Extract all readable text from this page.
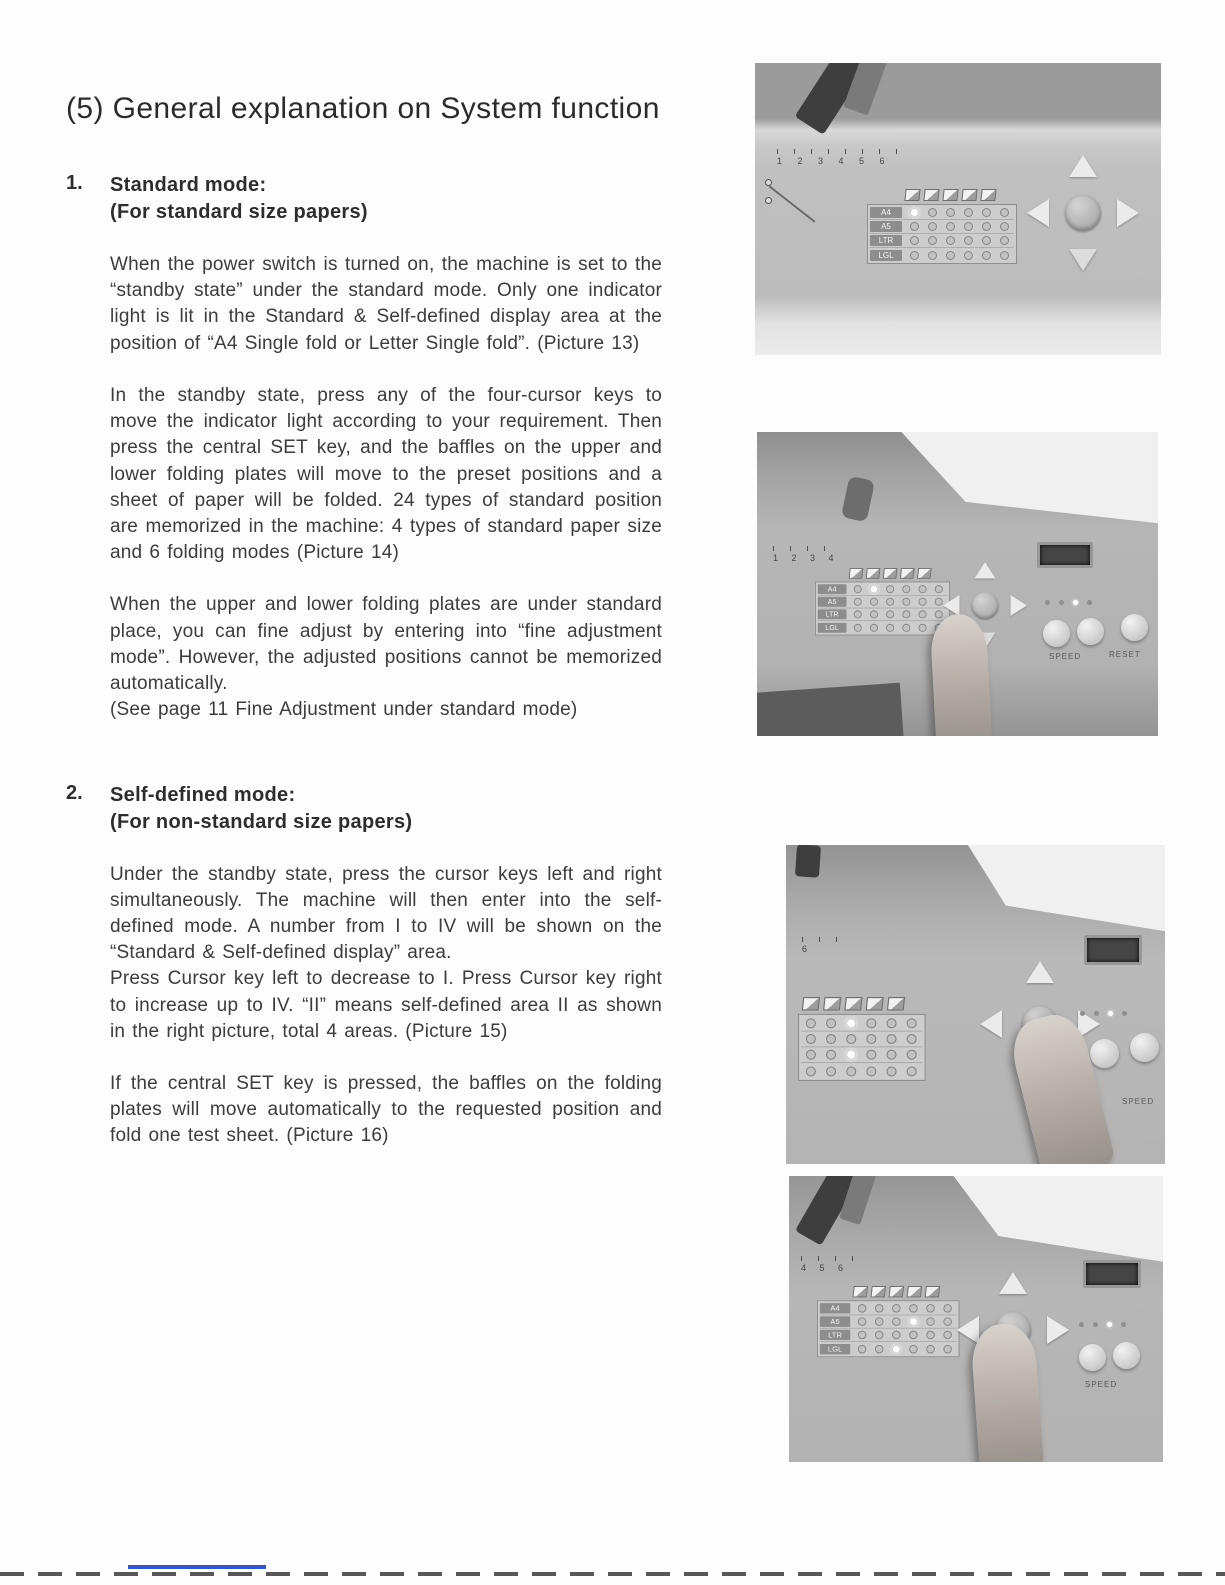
(5) General explanation on System function
1.	Standard mode:
(For standard size papers)
When the power switch is turned on, the machine is set to the “standby state” under the standard mode. Only one indicator light is lit in the Standard & Self-defined display area at the position of “A4 Single fold or Letter Single fold”. (Picture 13)
In the standby state, press any of the four-cursor keys to move the indicator light according to your requirement. Then press the central SET key, and the baffles on the upper and lower folding plates will move to the preset positions and a sheet of paper will be folded. 24 types of standard position are memorized in the machine: 4 types of standard paper size and 6 folding modes (Picture 14)
When the upper and lower folding plates are under standard place, you can fine adjust by entering into “fine adjustment mode”. However, the adjusted positions cannot be memorized automatically.
(See page 11 Fine Adjustment under standard mode)
2.	Self-defined mode:
(For non-standard size papers)
Under the standby state, press the cursor keys left and right simultaneously. The machine will then enter into the self-defined mode. A number from I to IV will be shown on the “Standard & Self-defined display” area.
Press Cursor key left to decrease to I. Press Cursor key right to increase up to IV. “II” means self-defined area II as shown in the right picture, total 4 areas. (Picture 15)
If the central SET key is pressed, the baffles on the folding plates will move automatically to the requested position and fold one test sheet. (Picture 16)
1 2 3 4 5 6
A4
A5
LTR
LGL
1 2 3 4
A4
A5
LTR
LGL
SPEED	RESET
6
SPEED
4 5 6
A4
A5
LTR
LGL
SPEED
